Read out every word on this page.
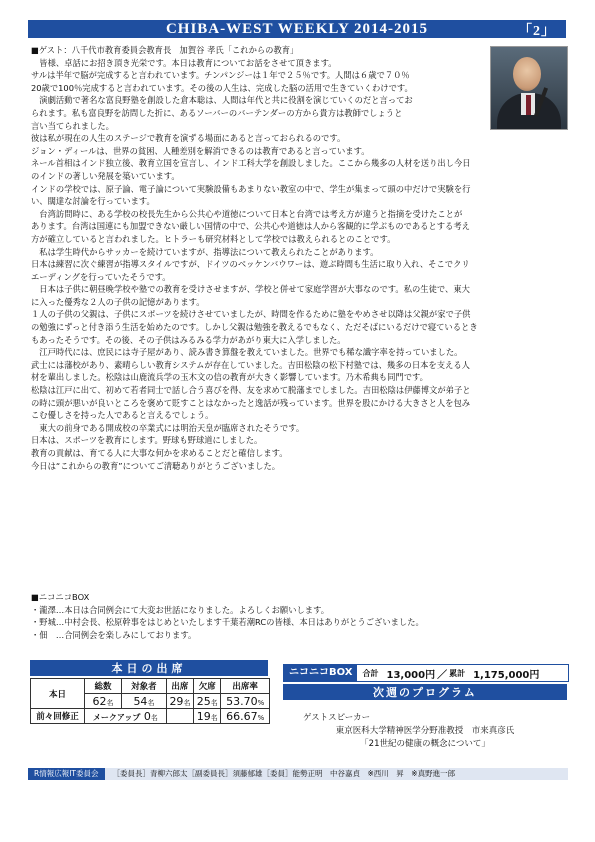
CHIBA-WEST WEEKLY 2014-2015	「2」
■ゲスト：八千代市教育委員会教育長　加賀谷 孝氏「これからの教育」
　皆様、卓話にお招き頂き光栄です。本日は教育についてお話をさせて頂きます。
サルは半年で脳が完成すると言われています。チンパンジーは１年で２５％です。人間は６歳で７０％
20歳で100％完成すると言われています。その後の人生は、完成した脳の活用で生きていくわけです。
　演劇活動で著名な富良野塾を創設した倉本聡は、人間は年代と共に役割を演じていくのだと言ってお
られます。私も富良野を訪問した折に、あるソーバーのバーテンダーの方から貴方は教師でしょうと
言い当てられました。
彼は私が現在の人生のステージで教育を演ずる場面にあると言っておられるのです。
ジョン・ディールは、世界の貧困、人種差別を解消できるのは教育であると言っています。
ネール首相はインド独立後、教育立国を宣言し、インド工科大学を創設しました。ここから幾多の人材を送り出し今日
のインドの著しい発展を築いています。
インドの学校では、原子論、電子論について実験設備もあまりない教室の中で、学生が集まって頭の中だけで実験を行
い、闊達な討論を行っています。
　台湾訪問時に、ある学校の校長先生から公共心や道徳について日本と台湾では考え方が違うと指摘を受けたことが
あります。台湾は国連にも加盟できない厳しい国情の中で、公共心や道徳は人から客観的に学ぶものであるとする考え
方が確立していると言われました。ヒトラーも研究材料として学校では教えられるとのことです。
　私は学生時代からサッカーを続けていますが、指導法について教えられたことがあります。
日本は練習に次ぐ練習が指導スタイルですが、ドイツのベッケンバウワーは、遊ぶ時間も生活に取り入れ、そこでクリ
エーディングを行っていたそうです。
　日本は子供に朝昼晩学校や塾での教育を受けさせますが、学校と併せて家庭学習が大事なのです。私の生徒で、東大
に入った優秀な２人の子供の記憶があります。
１人の子供の父親は、子供にスポーツを続けさせていましたが、時間を作るために塾をやめさせ以降は父親が家で子供
の勉強にずっと付き添う生活を始めたのです。しかし父親は勉強を教えるでもなく、ただそばにいるだけで寝ているとき
もあったそうです。その後、その子供はみるみる学力があがり東大に入学しました。
　江戸時代には、庶民には寺子屋があり、読み書き算盤を教えていました。世界でも稀な識字率を持っていました。
武士には藩校があり、素晴らしい教育システムが存在していました。吉田松陰の松下村塾では、幾多の日本を支える人
材を輩出しました。松陰は山鹿流兵学の玉木文の信の教育が大きく影響しています。乃木希典も同門です。
松陰は江戸に出て、初めて若者同士で話し合う喜びを得、友を求めて脱藩までしました。吉田松陰は伊藤博文が弟子と
の時に頭が悪いが良いところを褒めて貶すことはなかったと逸話が残っています。世界を股にかける大きさと人を包み
こむ優しさを持った人であると言えるでしょう。
　東大の前身である開成校の卒業式には明治天皇が臨席されたそうです。
日本は、スポーツを教育にします。野球も野球道にしました。
教育の貢献は、育てる人に大事な何かを求めることだと確信します。
今日は“これからの教育”についてご清聴ありがとうございました。
■ニコニコBOX
・瀧澤…本日は合同例会にて大変お世話になりました。よろしくお願いします。
・野城…中村会長、松原幹事をはじめといたします千葉若潮RCの皆様、本日はありがとうございました。
・佃　…合同例会を楽しみにしております。
本日の出席
本日	総数	対象者	出席	欠席	出席率
	62名	54名	29名	25名	53.70%
前々回修正	メークアップ 0名			19名	66.67%
ニコニコBOX	合計 13,000円 ／ 累計 1,175,000円
次週のプログラム
ゲストスピーカー
東京医科大学精神医学分野准教授　市来真彦氏
「21世紀の健康の概念について」
R情報広報IT委員会 ［委員長］青柳六郎太［副委員長］須藤郁雄［委員］能勢正明　中谷嘉貞　※西川　昇　※真野進一郎
